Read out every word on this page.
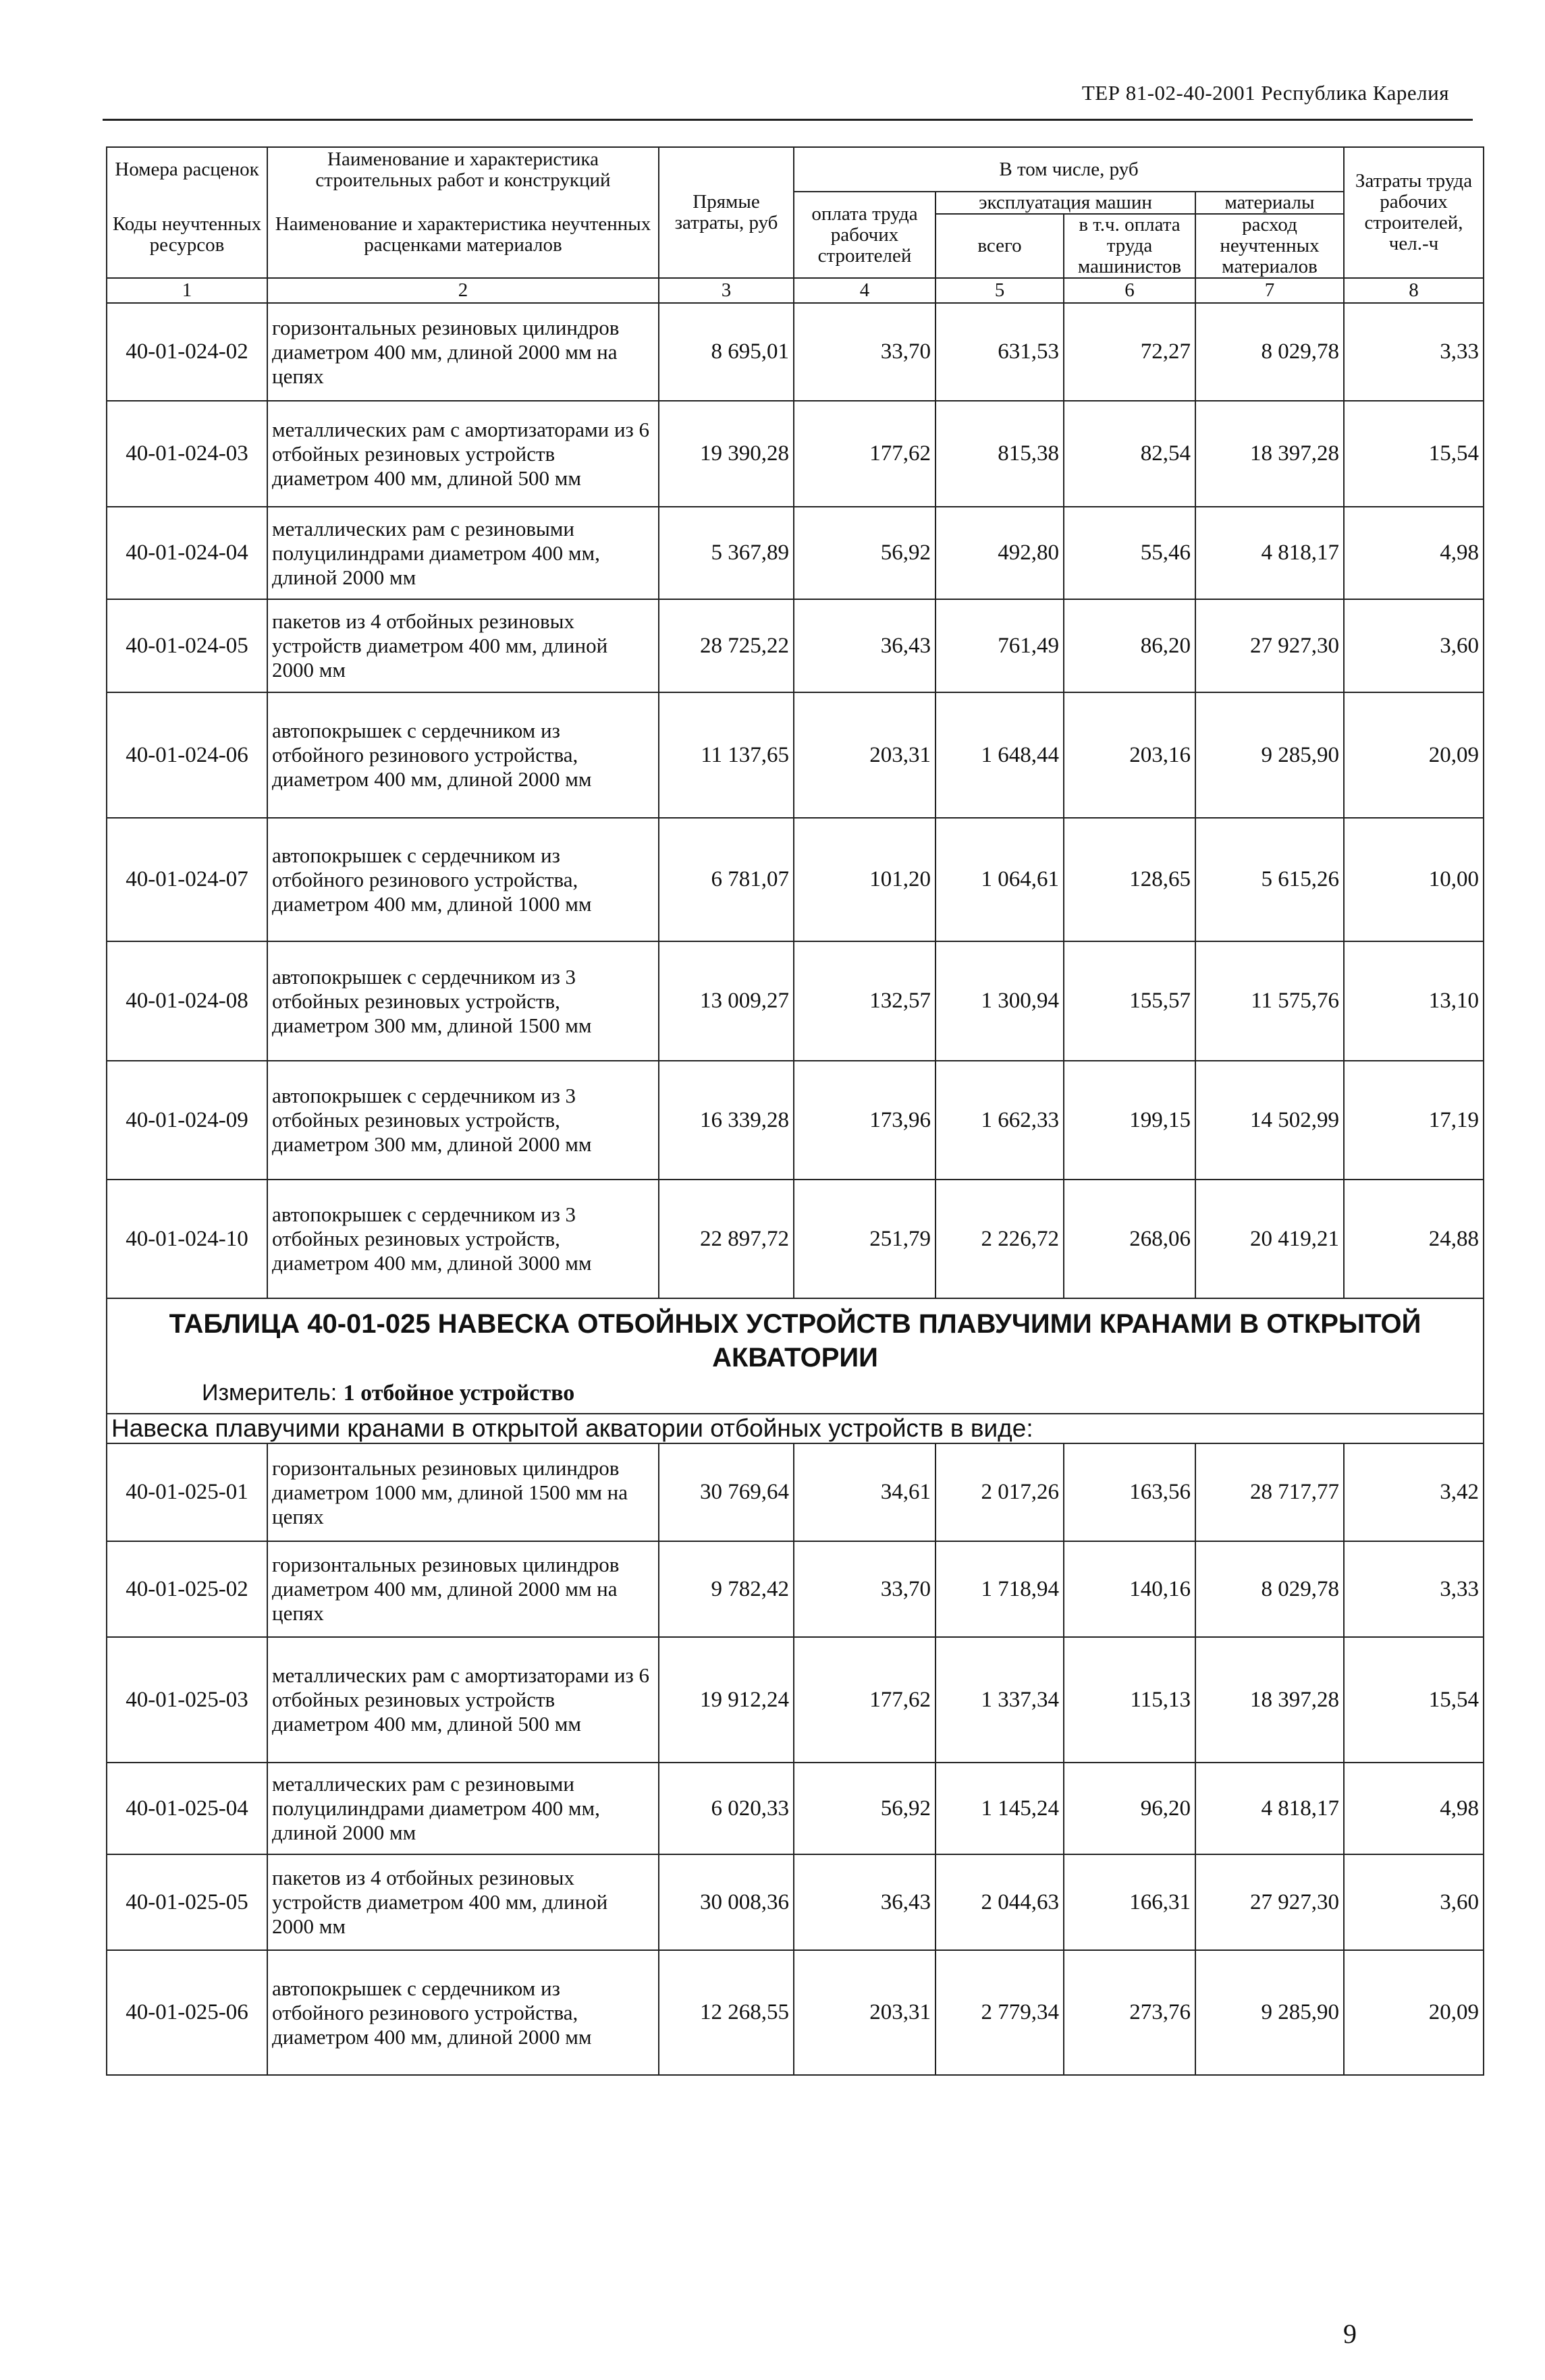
ТЕР 81-02-40-2001 Республика Карелия
Номера расценок	Наименование и характеристика строительных работ и конструкций	Прямые затраты, руб	В том числе, руб				Затраты труда рабочих строителей, чел.-ч
Коды неучтенных ресурсов	Наименование и характеристика неучтенных расценками материалов		оплата труда рабочих строителей	эксплуатация машин		материалы	
				всего	в т.ч. оплата труда машинистов	расход неучтенных материалов	

1	2	3	4	5	6	7	8
40-01-024-02	горизонтальных резиновых цилиндров диаметром 400 мм, длиной 2000 мм на цепях	8 695,01	33,70	631,53	72,27	8 029,78	3,33
40-01-024-03	металлических рам с амортизаторами из 6 отбойных резиновых устройств диаметром 400 мм, длиной 500 мм	19 390,28	177,62	815,38	82,54	18 397,28	15,54
40-01-024-04	металлических рам с резиновыми полуцилиндрами диаметром 400 мм, длиной 2000 мм	5 367,89	56,92	492,80	55,46	4 818,17	4,98
40-01-024-05	пакетов из 4 отбойных резиновых устройств диаметром 400 мм, длиной 2000 мм	28 725,22	36,43	761,49	86,20	27 927,30	3,60
40-01-024-06	автопокрышек с сердечником из отбойного резинового устройства, диаметром 400 мм, длиной 2000 мм	11 137,65	203,31	1 648,44	203,16	9 285,90	20,09
40-01-024-07	автопокрышек с сердечником из отбойного резинового устройства, диаметром 400 мм, длиной 1000 мм	6 781,07	101,20	1 064,61	128,65	5 615,26	10,00
40-01-024-08	автопокрышек с сердечником из 3 отбойных резиновых устройств, диаметром 300 мм, длиной 1500 мм	13 009,27	132,57	1 300,94	155,57	11 575,76	13,10
40-01-024-09	автопокрышек с сердечником из 3 отбойных резиновых устройств, диаметром 300 мм, длиной 2000 мм	16 339,28	173,96	1 662,33	199,15	14 502,99	17,19
40-01-024-10	автопокрышек с сердечником из 3 отбойных резиновых устройств, диаметром 400 мм, длиной 3000 мм	22 897,72	251,79	2 226,72	268,06	20 419,21	24,88

ТАБЛИЦА 40-01-025 НАВЕСКА ОТБОЙНЫХ УСТРОЙСТВ ПЛАВУЧИМИ КРАНАМИ В ОТКРЫТОЙ АКВАТОРИИ
Измеритель: 1 отбойное устройство							

Навеска плавучими кранами в открытой акватории отбойных устройств в виде:							
40-01-025-01	горизонтальных резиновых цилиндров диаметром 1000 мм, длиной 1500 мм на цепях	30 769,64	34,61	2 017,26	163,56	28 717,77	3,42
40-01-025-02	горизонтальных резиновых цилиндров диаметром 400 мм, длиной 2000 мм на цепях	9 782,42	33,70	1 718,94	140,16	8 029,78	3,33
40-01-025-03	металлических рам с амортизаторами из 6 отбойных резиновых устройств диаметром 400 мм, длиной 500 мм	19 912,24	177,62	1 337,34	115,13	18 397,28	15,54
40-01-025-04	металлических рам с резиновыми полуцилиндрами диаметром 400 мм, длиной 2000 мм	6 020,33	56,92	1 145,24	96,20	4 818,17	4,98
40-01-025-05	пакетов из 4 отбойных резиновых устройств диаметром 400 мм, длиной 2000 мм	30 008,36	36,43	2 044,63	166,31	27 927,30	3,60
40-01-025-06	автопокрышек с сердечником из отбойного резинового устройства, диаметром 400 мм, длиной 2000 мм	12 268,55	203,31	2 779,34	273,76	9 285,90	20,09
9
